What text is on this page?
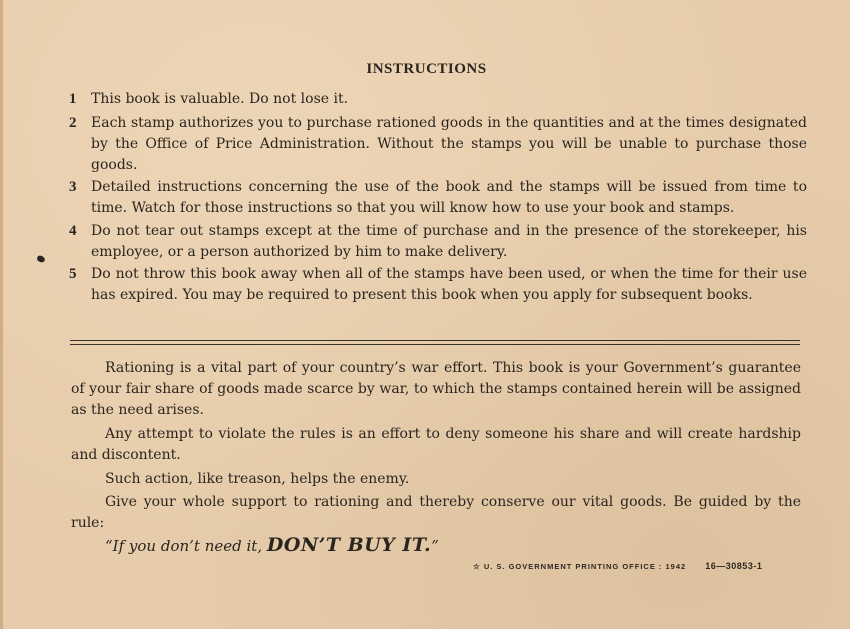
INSTRUCTIONS
1	This book is valuable. Do not lose it.
2	Each stamp authorizes you to purchase rationed goods in the quantities and at the times designated by the Office of Price Administration. Without the stamps you will be unable to purchase those goods.
3	Detailed instructions concerning the use of the book and the stamps will be issued from time to time. Watch for those instructions so that you will know how to use your book and stamps.
4	Do not tear out stamps except at the time of purchase and in the presence of the storekeeper, his employee, or a person authorized by him to make delivery.
5	Do not throw this book away when all of the stamps have been used, or when the time for their use has expired. You may be required to present this book when you apply for subsequent books.
Rationing is a vital part of your country’s war effort. This book is your Government’s guarantee of your fair share of goods made scarce by war, to which the stamps contained herein will be assigned as the need arises.
Any attempt to violate the rules is an effort to deny someone his share and will create hardship and discontent.
Such action, like treason, helps the enemy.
Give your whole support to rationing and thereby conserve our vital goods. Be guided by the rule:
“If you don’t need it, DON’T BUY IT.”
☆ U. S. GOVERNMENT PRINTING OFFICE : 1942 16—30853-1
